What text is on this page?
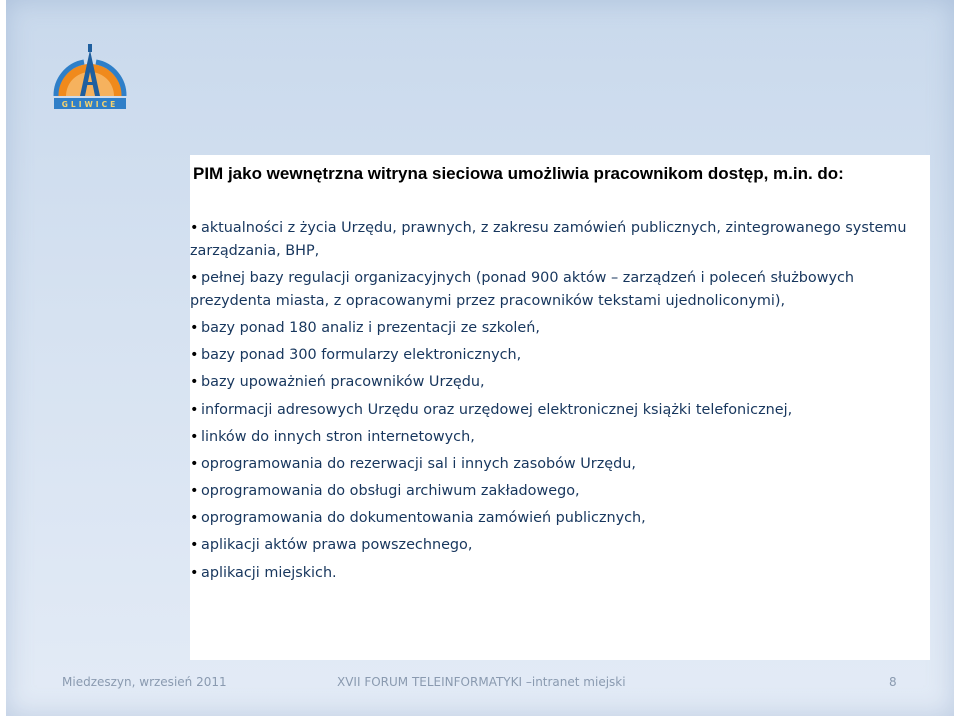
GLIWICE

PIM jako wewnętrzna witryna sieciowa umożliwia pracownikom dostęp, m.in. do:

• aktualności z życia Urzędu, prawnych, z zakresu zamówień publicznych, zintegrowanego systemu zarządzania, BHP,
• pełnej bazy regulacji organizacyjnych (ponad 900 aktów – zarządzeń i poleceń służbowych prezydenta miasta, z opracowanymi przez pracowników tekstami ujednoliconymi),
• bazy ponad 180 analiz i prezentacji ze szkoleń,
• bazy ponad 300 formularzy elektronicznych,
• bazy upoważnień pracowników Urzędu,
• informacji adresowych Urzędu oraz urzędowej elektronicznej książki telefonicznej,
• linków do innych stron internetowych,
• oprogramowania do rezerwacji sal i innych zasobów Urzędu,
• oprogramowania do obsługi archiwum zakładowego,
• oprogramowania do dokumentowania zamówień publicznych,
• aplikacji aktów prawa powszechnego,
• aplikacji miejskich.
Miedzeszyn, wrzesień 2011	XVII FORUM TELEINFORMATYKI –intranet miejski	8
